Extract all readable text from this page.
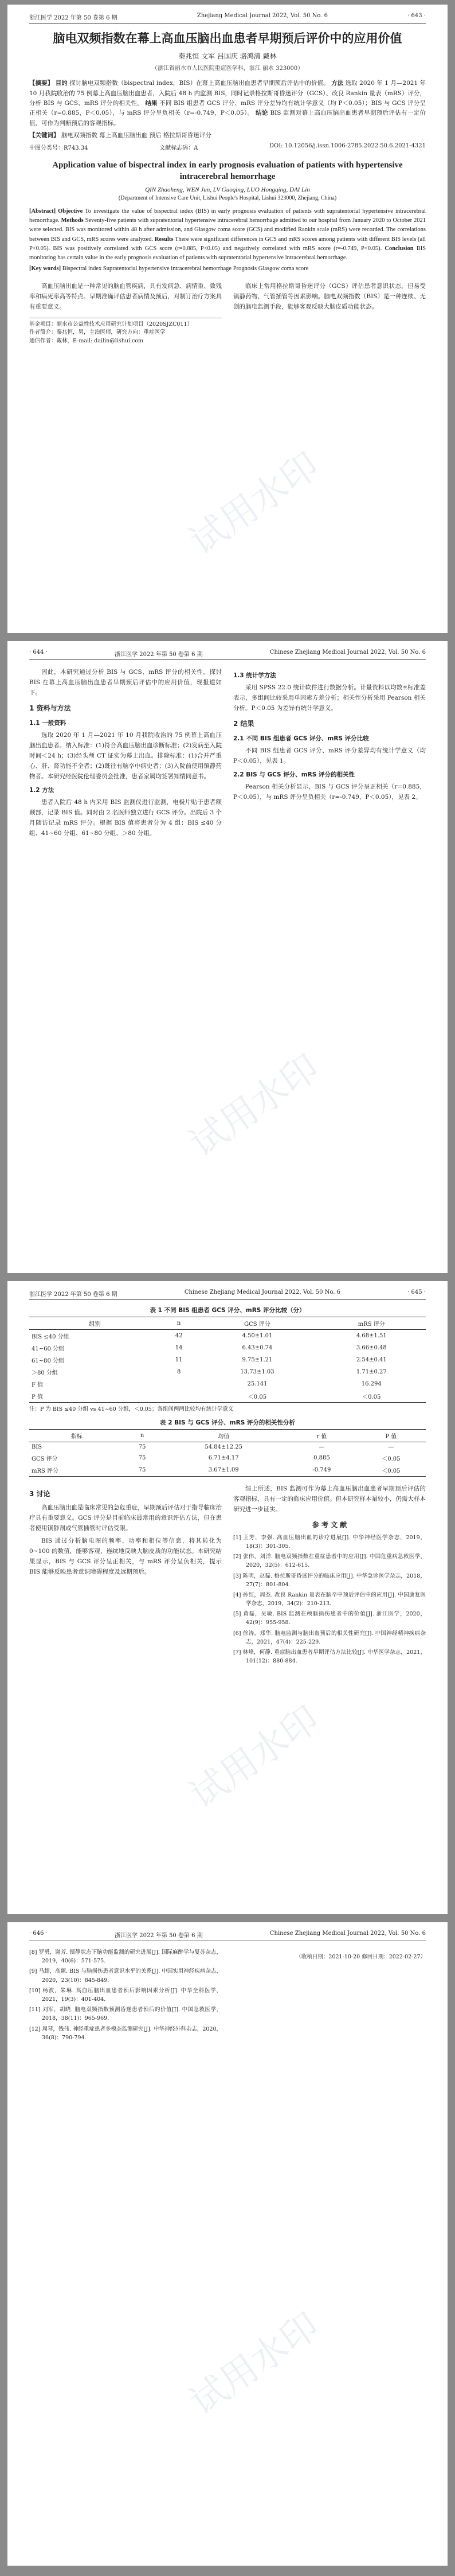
浙江医学 2022 年第 50 卷第 6 期	Zhejiang Medical Journal 2022, Vol. 50 No. 6	· 643 ·
脑电双频指数在幕上高血压脑出血患者早期预后评价中的应用价值
秦兆恒 文军 吕国庆 骆鸿清 戴林
（浙江省丽水市人民医院重症医学科，浙江 丽水 323000）
【摘要】 目的 探讨脑电双频指数（bispectral index，BIS）在幕上高血压脑出血患者早期预后评估中的价值。 方法 选取 2020 年 1 月—2021 年 10 月我院收治的 75 例幕上高血压脑出血患者，入院后 48 h 内监测 BIS，同时记录格拉斯哥昏迷评分（GCS）、改良 Rankin 量表（mRS）评分，分析 BIS 与 GCS、mRS 评分的相关性。 结果 不同 BIS 组患者 GCS 评分、mRS 评分差异均有统计学意义（均 P＜0.05）；BIS 与 GCS 评分呈正相关（r=0.885，P＜0.05），与 mRS 评分呈负相关（r=-0.749，P＜0.05）。 结论 BIS 监测对幕上高血压脑出血患者早期预后评估有一定价值，可作为判断预后的客观指标。
【关键词】 脑电双频指数 幕上高血压脑出血 预后 格拉斯哥昏迷评分
中图分类号：R743.34	文献标志码：A	DOI: 10.12056/j.issn.1006-2785.2022.50.6.2021-4321
Application value of bispectral index in early prognosis evaluation of patients with hypertensive intracerebral hemorrhage
QIN Zhaoheng, WEN Jun, LV Guoqing, LUO Hongqing, DAI Lin
(Department of Intensive Care Unit, Lishui People's Hospital, Lishui 323000, Zhejiang, China)
[Abstract] Objective To investigate the value of bispectral index (BIS) in early prognosis evaluation of patients with supratentorial hypertensive intracerebral hemorrhage. Methods Seventy-five patients with supratentorial hypertensive intracerebral hemorrhage admitted to our hospital from January 2020 to October 2021 were selected. BIS was monitored within 48 h after admission, and Glasgow coma score (GCS) and modified Rankin scale (mRS) were recorded. The correlations between BIS and GCS, mRS scores were analyzed. Results There were significant differences in GCS and mRS scores among patients with different BIS levels (all P<0.05). BIS was positively correlated with GCS score (r=0.885, P<0.05) and negatively correlated with mRS score (r=-0.749, P<0.05). Conclusion BIS monitoring has certain value in the early prognosis evaluation of patients with supratentorial hypertensive intracerebral hemorrhage.
[Key words] Bispectral index Supratentorial hypertensive intracerebral hemorrhage Prognosis Glasgow coma score

高血压脑出血是一种常见的脑血管疾病，具有发病急、病情重、致残率和病死率高等特点。早期准确评估患者病情及预后，对制订治疗方案具有重要意义。

基金项目：丽水市公益性技术应用研究计划项目（2020SJZC011）
作者简介：秦兆恒，男，主治医师，研究方向：重症医学
通信作者：戴林，E-mail: dailin@lishui.com

临床上常用格拉斯哥昏迷评分（GCS）评估患者意识状态，但易受镇静药物、气管插管等因素影响。脑电双频指数（BIS）是一种连续、无创的脑电监测手段，能够客观反映大脑皮质功能状态。

试用水印
· 644 ·	浙江医学 2022 年第 50 卷第 6 期	Chinese Zhejiang Medical Journal 2022, Vol. 50 No. 6

因此，本研究通过分析 BIS 与 GCS、mRS 评分的相关性，探讨 BIS 在幕上高血压脑出血患者早期预后评估中的应用价值，现报道如下。

1 资料与方法
1.1 一般资料

选取 2020 年 1 月—2021 年 10 月我院收治的 75 例幕上高血压脑出血患者。纳入标准：(1)符合高血压脑出血诊断标准；(2)发病至入院时间＜24 h；(3)经头颅 CT 证实为幕上出血。排除标准：(1)合并严重心、肝、肾功能不全者；(2)既往有脑卒中病史者；(3)入院前使用镇静药物者。本研究经医院伦理委员会批准，患者家属均签署知情同意书。

1.2 方法

患者入院后 48 h 内采用 BIS 监测仪进行监测，电极片贴于患者额颞部，记录 BIS 值。同时由 2 名医师独立进行 GCS 评分。出院后 3 个月随访记录 mRS 评分。根据 BIS 值将患者分为 4 组：BIS ≤40 分组、41~60 分组、61~80 分组、＞80 分组。

1.3 统计学方法

采用 SPSS 22.0 统计软件进行数据分析。计量资料以均数±标准差表示，多组间比较采用单因素方差分析；相关性分析采用 Pearson 相关分析。P＜0.05 为差异有统计学意义。

2 结果
2.1 不同 BIS 组患者 GCS 评分、mRS 评分比较

不同 BIS 组患者 GCS 评分、mRS 评分差异均有统计学意义（均 P＜0.05），见表 1。

2.2 BIS 与 GCS 评分、mRS 评分的相关性

Pearson 相关分析显示，BIS 与 GCS 评分呈正相关（r=0.885，P＜0.05），与 mRS 评分呈负相关（r=-0.749，P＜0.05），见表 2。

试用水印
浙江医学 2022 年第 50 卷第 6 期	Chinese Zhejiang Medical Journal 2022, Vol. 50 No. 6	· 645 ·
表 1 不同 BIS 组患者 GCS 评分、mRS 评分比较（分）
组别	n	GCS 评分	mRS 评分
BIS ≤40 分组	42	4.50±1.01	4.68±1.51
41~60 分组	14	6.43±0.74	3.66±0.48
61~80 分组	11	9.75±1.21	2.54±0.41
＞80 分组	8	13.73±1.03	1.71±0.27
F 值		25.141	16.294
P 值		＜0.05	＜0.05
注：P 为 BIS ≤40 分组 vs 41~60 分组，＜0.05；各组间两两比较均有统计学意义
表 2 BIS 与 GCS 评分、mRS 评分的相关性分析
指标	n	均值	r 值	P 值
BIS	75	54.84±12.25	—	—
GCS 评分	75	6.71±4.17	0.885	＜0.05
mRS 评分	75	3.67±1.09	-0.749	＜0.05
3 讨论

高血压脑出血是临床常见的急危重症，早期预后评估对于指导临床治疗具有重要意义。GCS 评分是目前临床最常用的意识评估方法，但在患者使用镇静剂或气管插管时评估受限。

BIS 通过分析脑电图的频率、功率和相位等信息，将其转化为 0~100 的数值，能够客观、连续地反映大脑皮质的功能状态。本研究结果显示，BIS 与 GCS 评分呈正相关，与 mRS 评分呈负相关，提示 BIS 能够反映患者意识障碍程度及远期预后。

综上所述，BIS 监测可作为幕上高血压脑出血患者早期预后评估的客观指标，具有一定的临床应用价值。但本研究样本量较小，仍需大样本研究进一步证实。

参 考 文 献
[1] 王芳，李强. 高血压脑出血的诊疗进展[J]. 中华神经医学杂志，2019，18(3)：301-305.
[2] 张伟，刘洋. 脑电双频指数在重症患者中的应用[J]. 中国危重病急救医学，2020，32(5)：612-615.
[3] 陈明，赵磊. 格拉斯哥昏迷评分的临床应用[J]. 中华急诊医学杂志，2018，27(7)：801-804.
[4] 孙红，周杰. 改良 Rankin 量表在脑卒中预后评估中的应用[J]. 中国康复医学杂志，2019，34(2)：210-213.
[5] 黄磊，吴敏. BIS 监测在颅脑损伤患者中的价值[J]. 浙江医学，2020，42(9)：955-958.
[6] 徐涛，郑华. 脑电监测与脑出血预后的相关性研究[J]. 中国神经精神疾病杂志，2021，47(4)：225-229.
[7] 林峰，何静. 重症脑出血患者早期评估方法比较[J]. 中华医学杂志，2021，101(12)：880-884.
试用水印
· 646 ·	浙江医学 2022 年第 50 卷第 6 期	Chinese Zhejiang Medical Journal 2022, Vol. 50 No. 6
[8] 罗勇，谢芳. 镇静状态下脑功能监测的研究进展[J]. 国际麻醉学与复苏杂志，2019，40(6)：571-575.
[9] 马超，高颖. BIS 与脑损伤患者意识水平的关系[J]. 中国实用神经疾病杂志，2020，23(10)：845-849.
[10] 杨波，朱琳. 高血压脑出血患者预后影响因素分析[J]. 中华全科医学，2021，19(3)：401-404.
[11] 刘军，胡晓. 脑电双频指数预测昏迷患者预后的价值[J]. 中国急救医学，2018，38(11)：965-969.
[12] 周琴，钱伟. 神经重症患者多模态监测研究[J]. 中华神经外科杂志，2020，36(8)：790-794.
（收稿日期：2021-10-20 修回日期：2022-02-27）
试用水印
